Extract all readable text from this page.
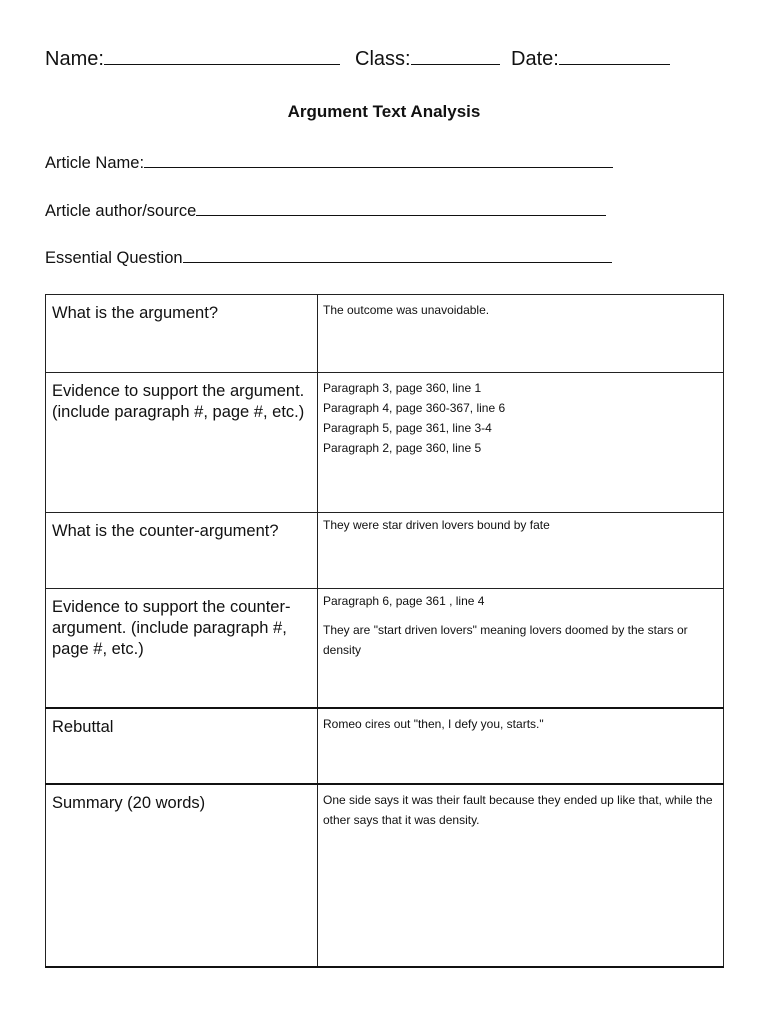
Name:	Class:	Date:
Argument Text Analysis
Article Name:
Article author/source
Essential Question
What is the argument?	The outcome was unavoidable.

Evidence to support the argument. (include paragraph #, page #, etc.)	Paragraph 3, page 360, line 1
Paragraph 4, page 360-367, line 6
Paragraph 5, page 361, line 3-4
Paragraph 2, page 360, line 5

What is the counter-argument?	They were star driven lovers bound by fate

Evidence to support the counter-argument. (include paragraph #, page #, etc.)	Paragraph 6, page 361 , line 4
They are "start driven lovers" meaning lovers doomed by the stars or density

Rebuttal	Romeo cires out "then, I defy you, starts."

Summary (20 words)	One side says it was their fault because they ended up like that, while the other says that it was density.
